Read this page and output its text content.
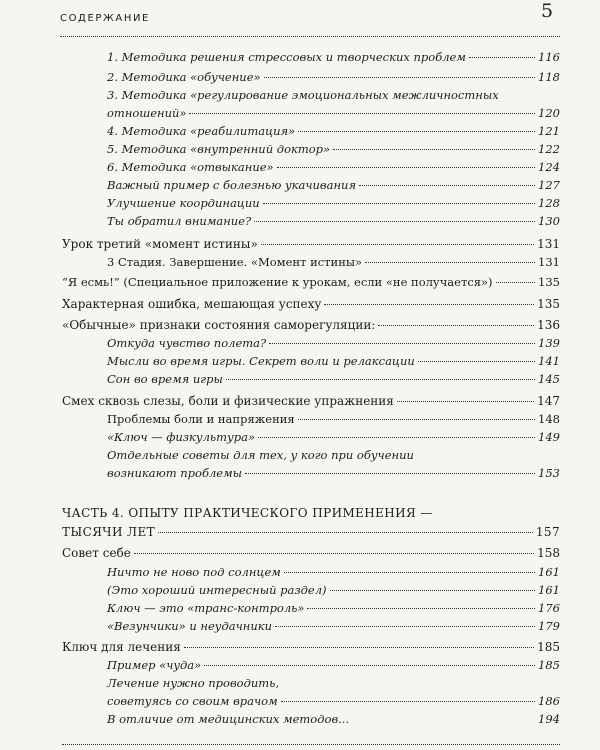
СОДЕРЖАНИЕ	5
1. Методика решения стрессовых и творческих проблем	116
2. Методика «обучение»	118
3. Методика «регулирование эмоциональных межличностных
отношений»	120
4. Методика «реабилитация»	121
5. Методика «внутренний доктор»	122
6. Методика «отвыкание»	124
Важный пример с болезнью укачивания	127
Улучшение координации	128
Ты обратил внимание?	130
Урок третий «момент истины»	131
3 Стадия. Завершение. «Момент истины»	131
“Я есмь!” (Специальное приложение к урокам, если «не получается»)	135
Характерная ошибка, мешающая успеху	135
«Обычные» признаки состояния саморегуляции:	136
Откуда чувство полета?	139
Мысли во время игры. Секрет воли и релаксации	141
Сон во время игры	145
Смех сквозь слезы, боли и физические упражнения	147
Проблемы боли и напряжения	148
«Ключ — физкультура»	149
Отдельные советы для тех, у кого при обучении
возникают проблемы	153
ЧАСТЬ 4. ОПЫТУ ПРАКТИЧЕСКОГО ПРИМЕНЕНИЯ —
ТЫСЯЧИ ЛЕТ	157
Совет себе	158
Ничто не ново под солнцем	161
(Это хороший интересный раздел)	161
Ключ — это «транс-контроль»	176
«Везунчики» и неудачники	179
Ключ для лечения	185
Пример «чуда»	185
Лечение нужно проводить,
советуясь со своим врачом	186
В отличие от медицинских методов...	194
